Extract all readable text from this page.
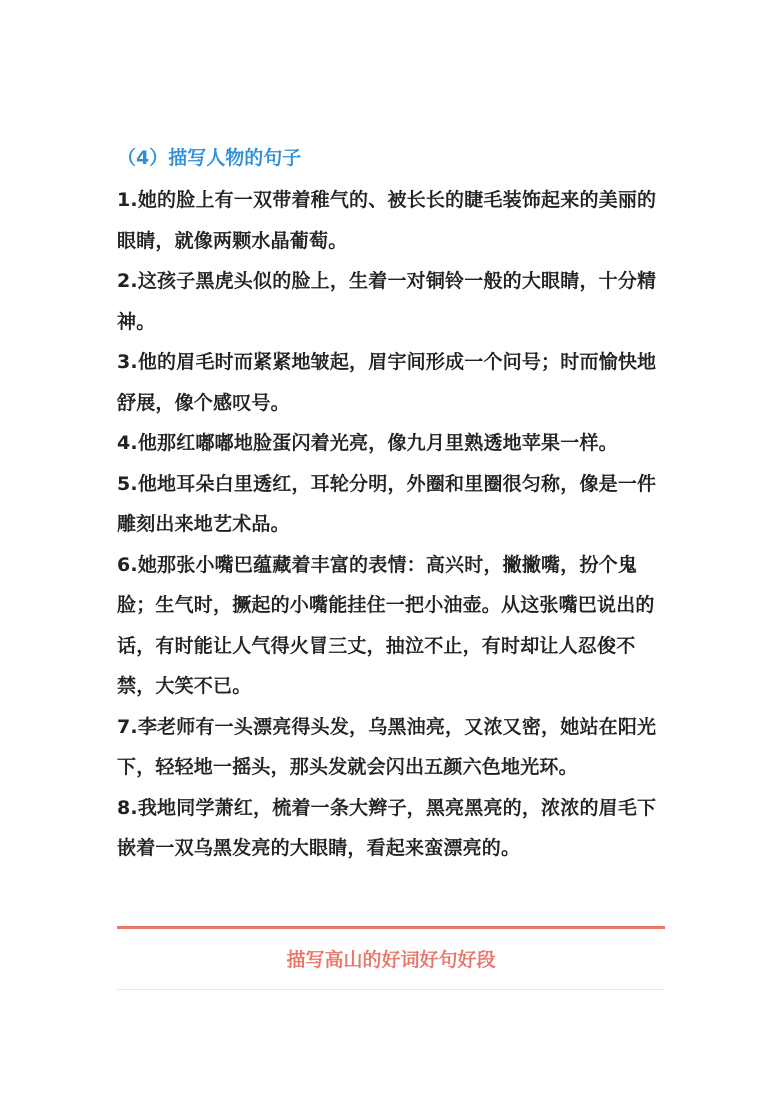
（4）描写人物的句子

1.她的脸上有一双带着稚气的、被长长的睫毛装饰起来的美丽的眼睛，就像两颗水晶葡萄。

2.这孩子黑虎头似的脸上，生着一对铜铃一般的大眼睛，十分精神。

3.他的眉毛时而紧紧地皱起，眉宇间形成一个问号；时而愉快地舒展，像个感叹号。

4.他那红嘟嘟地脸蛋闪着光亮，像九月里熟透地苹果一样。

5.他地耳朵白里透红，耳轮分明，外圈和里圈很匀称，像是一件雕刻出来地艺术品。

6.她那张小嘴巴蕴藏着丰富的表情：高兴时，撇撇嘴，扮个鬼脸；生气时，撅起的小嘴能挂住一把小油壶。从这张嘴巴说出的话，有时能让人气得火冒三丈，抽泣不止，有时却让人忍俊不禁，大笑不已。

7.李老师有一头漂亮得头发，乌黑油亮，又浓又密，她站在阳光下，轻轻地一摇头，那头发就会闪出五颜六色地光环。

8.我地同学萧红，梳着一条大辫子，黑亮黑亮的，浓浓的眉毛下嵌着一双乌黑发亮的大眼睛，看起来蛮漂亮的。

描写高山的好词好句好段
